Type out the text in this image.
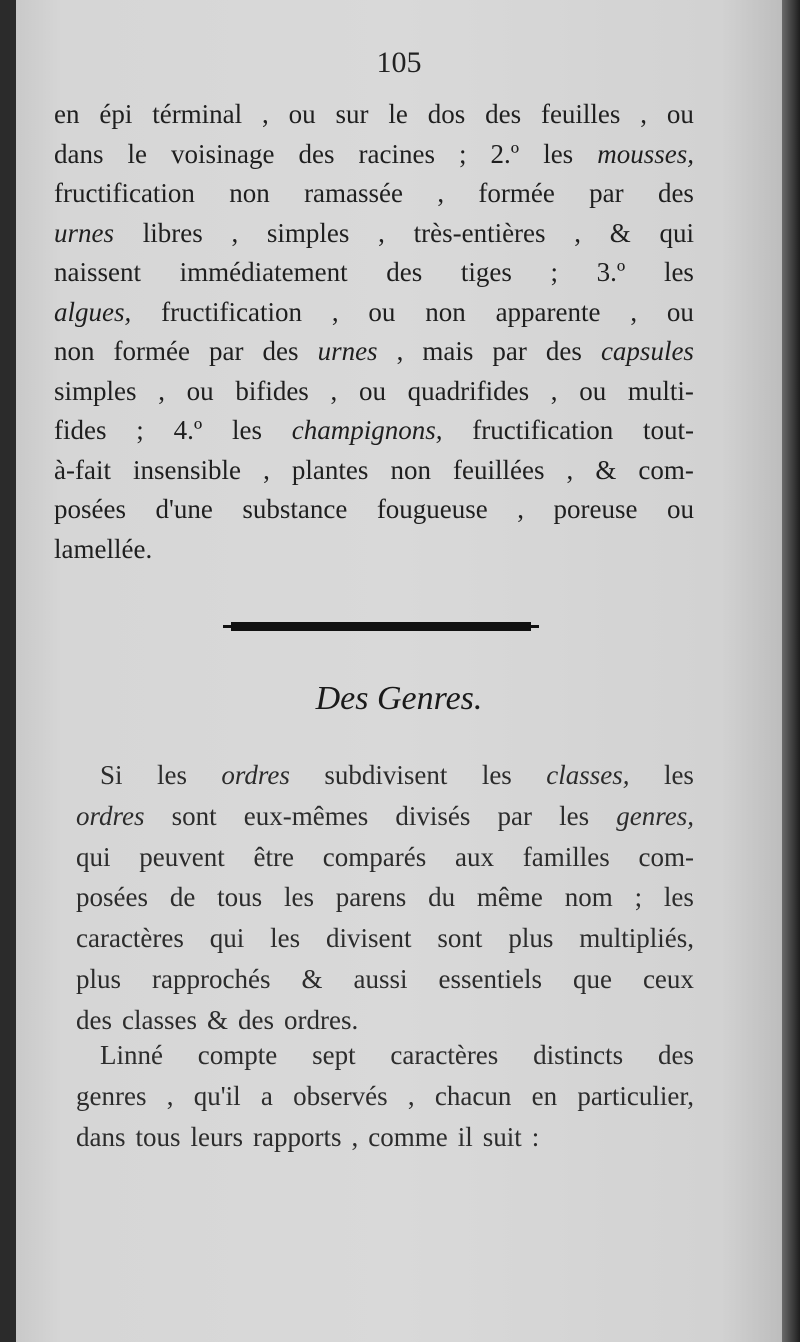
105
en épi términal , ou sur le dos des feuilles , ou
dans le voisinage des racines ; 2.º les mousses,
fructification non ramassée , formée par des
urnes libres , simples , très-entières , & qui
naissent immédiatement des tiges ; 3.º les
algues, fructification , ou non apparente , ou
non formée par des urnes , mais par des capsules
simples , ou bifides , ou quadrifides , ou multi-
fides ; 4.º les champignons, fructification tout-
à-fait insensible , plantes non feuillées , & com-
posées d'une substance fougueuse , poreuse ou
lamellée.
Des Genres.
Si les ordres subdivisent les classes, les
ordres sont eux-mêmes divisés par les genres,
qui peuvent être comparés aux familles com-
posées de tous les parens du même nom ; les
caractères qui les divisent sont plus multipliés,
plus rapprochés & aussi essentiels que ceux
des classes & des ordres.
Linné compte sept caractères distincts des
genres , qu'il a observés , chacun en particulier,
dans tous leurs rapports , comme il suit :
